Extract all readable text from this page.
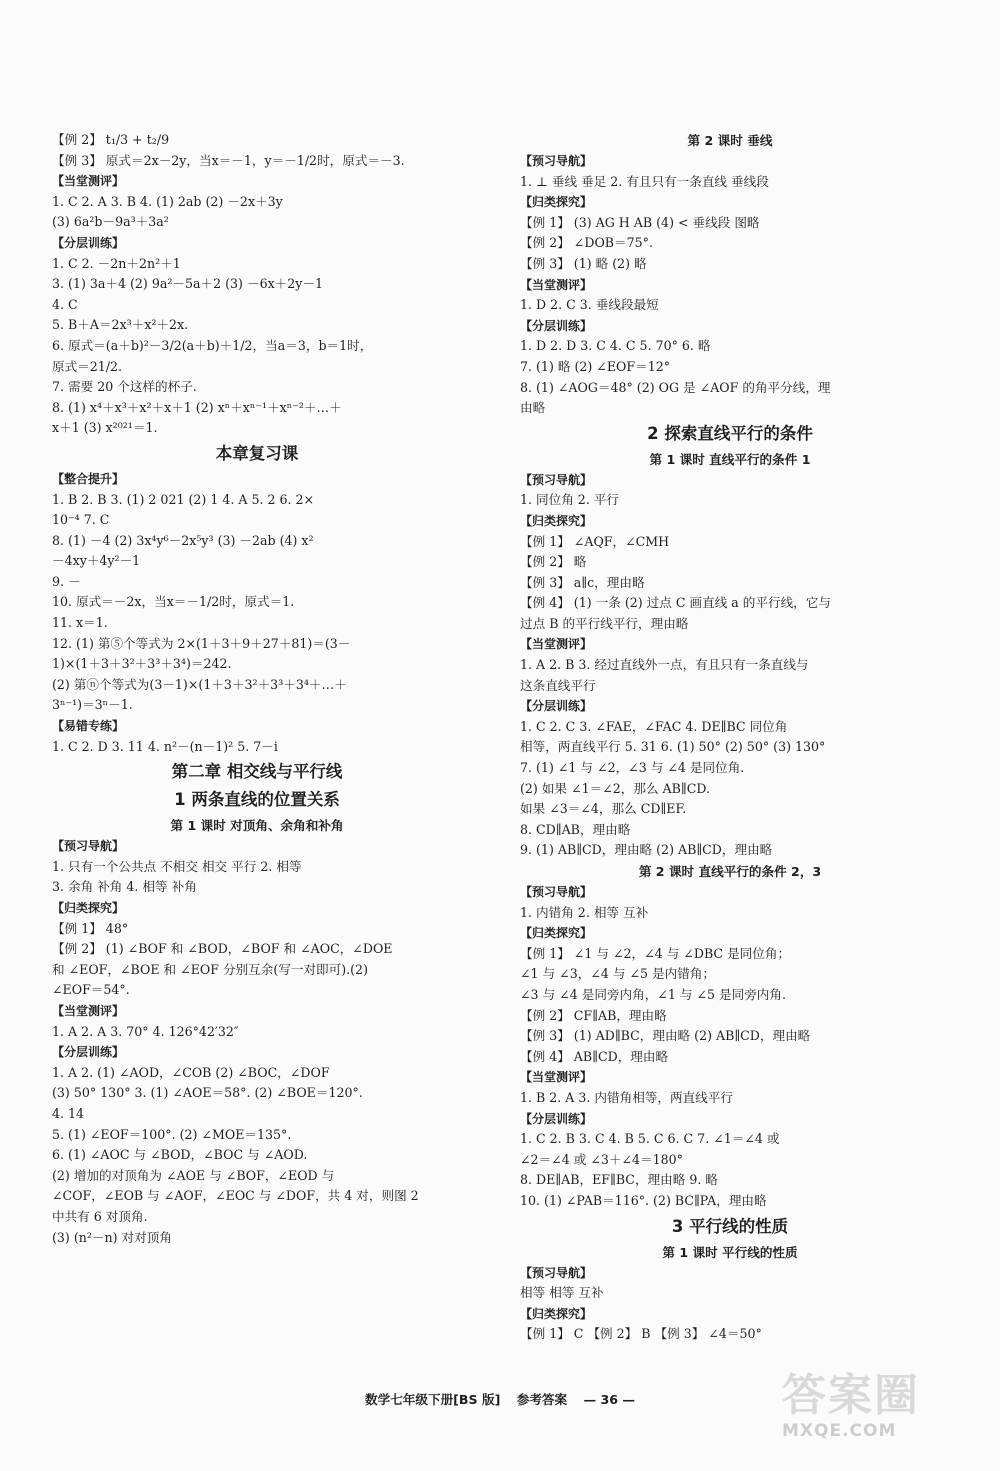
【例 2】 t₁/3 + t₂/9
【例 3】 原式＝2x－2y，当x＝－1，y＝－1/2时，原式＝－3.
【当堂测评】
1. C 2. A 3. B 4. (1) 2ab (2) －2x＋3y
(3) 6a²b－9a³＋3a²
【分层训练】
1. C 2. －2n＋2n²＋1
3. (1) 3a＋4 (2) 9a²－5a＋2 (3) －6x＋2y－1
4. C
5. B＋A＝2x³＋x²＋2x.
6. 原式＝(a＋b)²－3/2(a＋b)＋1/2，当a＝3，b＝1时，
原式＝21/2.
7. 需要 20 个这样的杯子.
8. (1) x⁴＋x³＋x²＋x＋1 (2) xⁿ＋xⁿ⁻¹＋xⁿ⁻²＋…＋
x＋1 (3) x²⁰²¹＝1.
本章复习课
【整合提升】
1. B 2. B 3. (1) 2 021 (2) 1 4. A 5. 2 6. 2×
10⁻⁴ 7. C
8. (1) －4 (2) 3x⁴y⁶－2x⁵y³ (3) －2ab (4) x²
－4xy＋4y²－1
9. －
10. 原式＝－2x，当x＝－1/2时，原式＝1.
11. x＝1.
12. (1) 第⑤个等式为 2×(1＋3＋9＋27＋81)＝(3－
1)×(1＋3＋3²＋3³＋3⁴)＝242.
(2) 第ⓝ个等式为(3－1)×(1＋3＋3²＋3³＋3⁴＋…＋
3ⁿ⁻¹)＝3ⁿ－1.
【易错专练】
1. C 2. D 3. 11 4. n²－(n－1)² 5. 7－i
第二章 相交线与平行线
1 两条直线的位置关系
第 1 课时 对顶角、余角和补角
【预习导航】
1. 只有一个公共点 不相交 相交 平行 2. 相等
3. 余角 补角 4. 相等 补角
【归类探究】
【例 1】 48°
【例 2】 (1) ∠BOF 和 ∠BOD，∠BOF 和 ∠AOC，∠DOE
和 ∠EOF，∠BOE 和 ∠EOF 分别互余(写一对即可).(2)
∠EOF＝54°.
【当堂测评】
1. A 2. A 3. 70° 4. 126°42′32″
【分层训练】
1. A 2. (1) ∠AOD，∠COB (2) ∠BOC，∠DOF
(3) 50° 130° 3. (1) ∠AOE＝58°. (2) ∠BOE＝120°.
4. 14
5. (1) ∠EOF＝100°. (2) ∠MOE＝135°.
6. (1) ∠AOC 与 ∠BOD，∠BOC 与 ∠AOD.
(2) 增加的对顶角为 ∠AOE 与 ∠BOF，∠EOD 与
∠COF，∠EOB 与 ∠AOF，∠EOC 与 ∠DOF，共 4 对，则图 2
中共有 6 对顶角.
(3) (n²－n) 对对顶角
第 2 课时 垂线
【预习导航】
1. ⊥ 垂线 垂足 2. 有且只有一条直线 垂线段
【归类探究】
【例 1】 (3) AG H AB (4) < 垂线段 图略
【例 2】 ∠DOB＝75°.
【例 3】 (1) 略 (2) 略
【当堂测评】
1. D 2. C 3. 垂线段最短
【分层训练】
1. D 2. D 3. C 4. C 5. 70° 6. 略
7. (1) 略 (2) ∠EOF＝12°
8. (1) ∠AOG＝48° (2) OG 是 ∠AOF 的角平分线，理
由略
2 探索直线平行的条件
第 1 课时 直线平行的条件 1
【预习导航】
1. 同位角 2. 平行
【归类探究】
【例 1】 ∠AQF，∠CMH
【例 2】 略
【例 3】 a∥c，理由略
【例 4】 (1) 一条 (2) 过点 C 画直线 a 的平行线，它与
过点 B 的平行线平行，理由略
【当堂测评】
1. A 2. B 3. 经过直线外一点，有且只有一条直线与
这条直线平行
【分层训练】
1. C 2. C 3. ∠FAE，∠FAC 4. DE∥BC 同位角
相等，两直线平行 5. 31 6. (1) 50° (2) 50° (3) 130°
7. (1) ∠1 与 ∠2，∠3 与 ∠4 是同位角.
(2) 如果 ∠1＝∠2，那么 AB∥CD.
如果 ∠3＝∠4，那么 CD∥EF.
8. CD∥AB，理由略
9. (1) AB∥CD，理由略 (2) AB∥CD，理由略
第 2 课时 直线平行的条件 2，3
【预习导航】
1. 内错角 2. 相等 互补
【归类探究】
【例 1】 ∠1 与 ∠2，∠4 与 ∠DBC 是同位角；
∠1 与 ∠3，∠4 与 ∠5 是内错角；
∠3 与 ∠4 是同旁内角，∠1 与 ∠5 是同旁内角.
【例 2】 CF∥AB，理由略
【例 3】 (1) AD∥BC，理由略 (2) AB∥CD，理由略
【例 4】 AB∥CD，理由略
【当堂测评】
1. B 2. A 3. 内错角相等，两直线平行
【分层训练】
1. C 2. B 3. C 4. B 5. C 6. C 7. ∠1＝∠4 或
∠2＝∠4 或 ∠3＋∠4＝180°
8. DE∥AB，EF∥BC，理由略 9. 略
10. (1) ∠PAB＝116°. (2) BC∥PA，理由略
3 平行线的性质
第 1 课时 平行线的性质
【预习导航】
相等 相等 互补
【归类探究】
【例 1】 C 【例 2】 B 【例 3】 ∠4＝50°
数学七年级下册[BS 版] 参考答案 — 36 —	答案圈
MXQE.COM
